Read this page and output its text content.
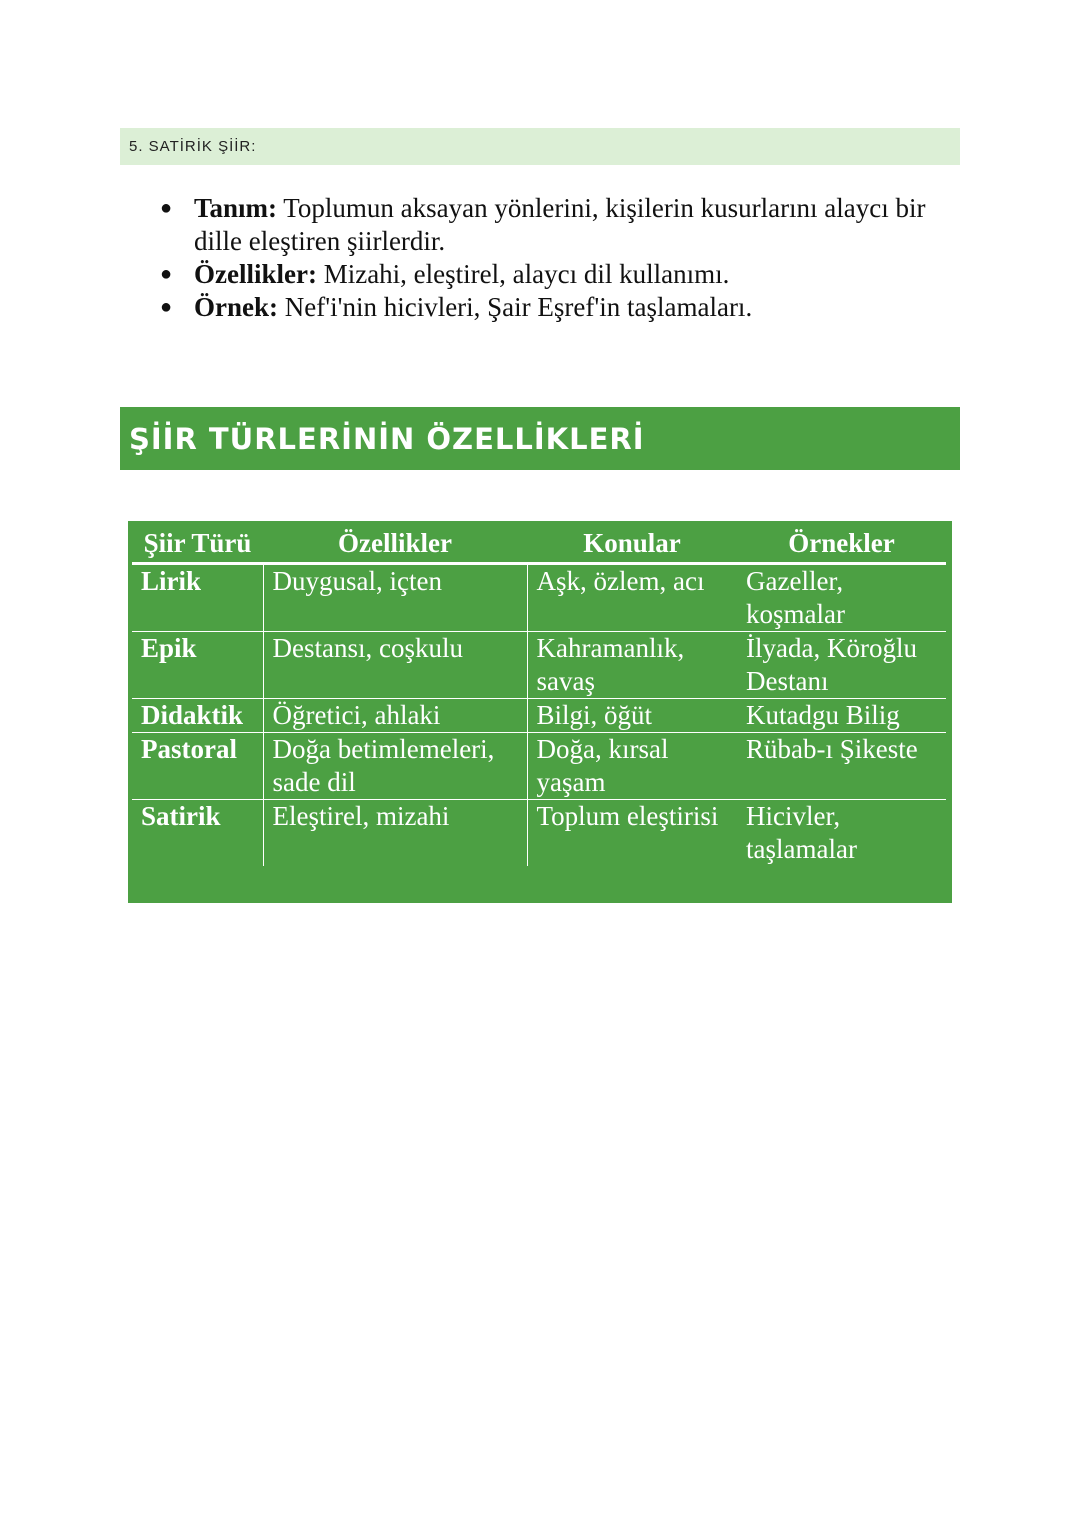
5. SATİRİK ŞİİR:
● Tanım: Toplumun aksayan yönlerini, kişilerin kusurlarını alaycı bir dille eleştiren şiirlerdir.
● Özellikler: Mizahi, eleştirel, alaycı dil kullanımı.
● Örnek: Nef'i'nin hicivleri, Şair Eşref'in taşlamaları.
ŞİİR TÜRLERİNİN ÖZELLİKLERİ
Şiir Türü	Özellikler	Konular	Örnekler
Lirik	Duygusal, içten	Aşk, özlem, acı	Gazeller, koşmalar
Epik	Destansı, coşkulu	Kahramanlık, savaş	İlyada, Köroğlu Destanı
Didaktik	Öğretici, ahlaki	Bilgi, öğüt	Kutadgu Bilig
Pastoral	Doğa betimlemeleri, sade dil	Doğa, kırsal yaşam	Rübab-ı Şikeste
Satirik	Eleştirel, mizahi	Toplum eleştirisi	Hicivler, taşlamalar
